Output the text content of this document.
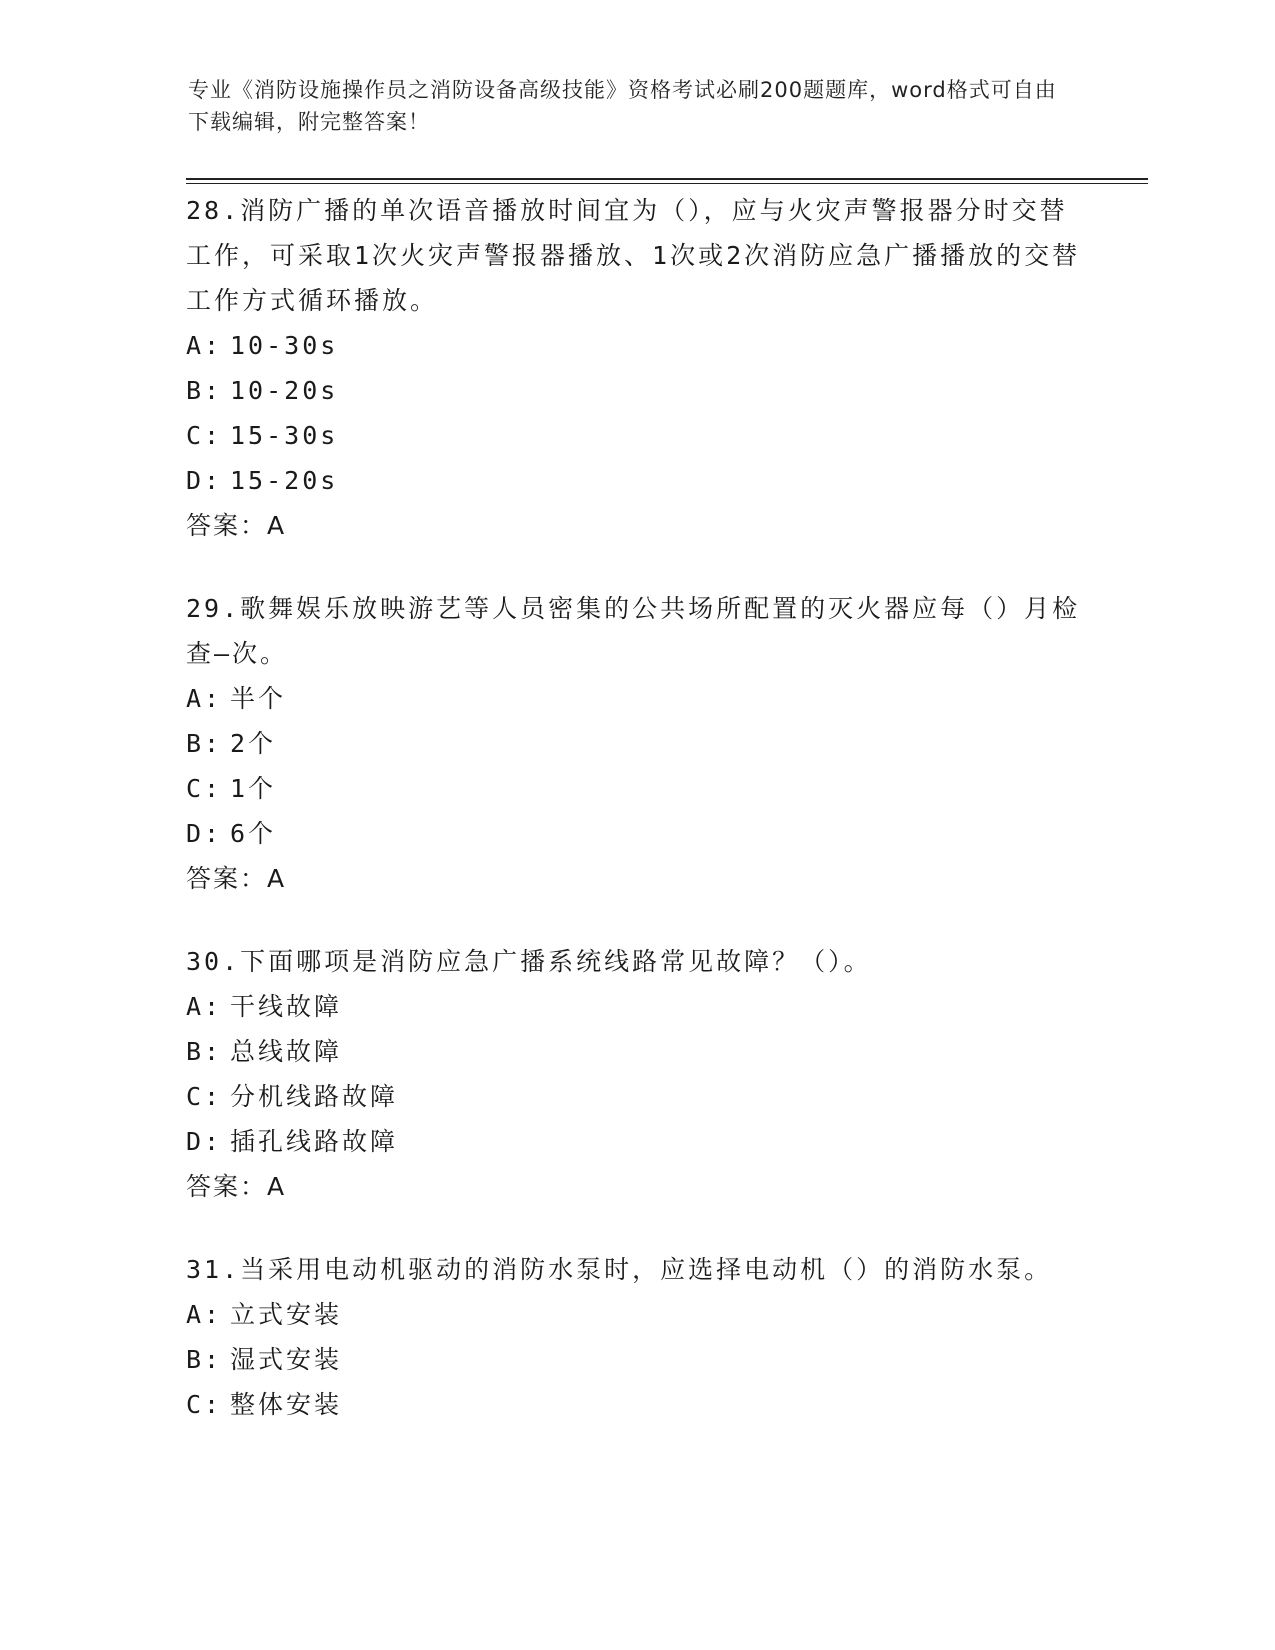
专业《消防设施操作员之消防设备高级技能》资格考试必刷200题题库，word格式可自由下载编辑，附完整答案！

28.消防广播的单次语音播放时间宜为（），应与火灾声警报器分时交替工作，可采取1次火灾声警报器播放、1次或2次消防应急广播播放的交替工作方式循环播放。

A: 10-30s
B: 10-20s
C: 15-30s
D: 15-20s
答案：A

29.歌舞娱乐放映游艺等人员密集的公共场所配置的灭火器应每（）月检查—次。

A: 半个
B: 2个
C: 1个
D: 6个
答案：A

30.下面哪项是消防应急广播系统线路常见故障？（）。

A: 干线故障
B: 总线故障
C: 分机线路故障
D: 插孔线路故障
答案：A

31.当采用电动机驱动的消防水泵时，应选择电动机（）的消防水泵。

A: 立式安装
B: 湿式安装
C: 整体安装
